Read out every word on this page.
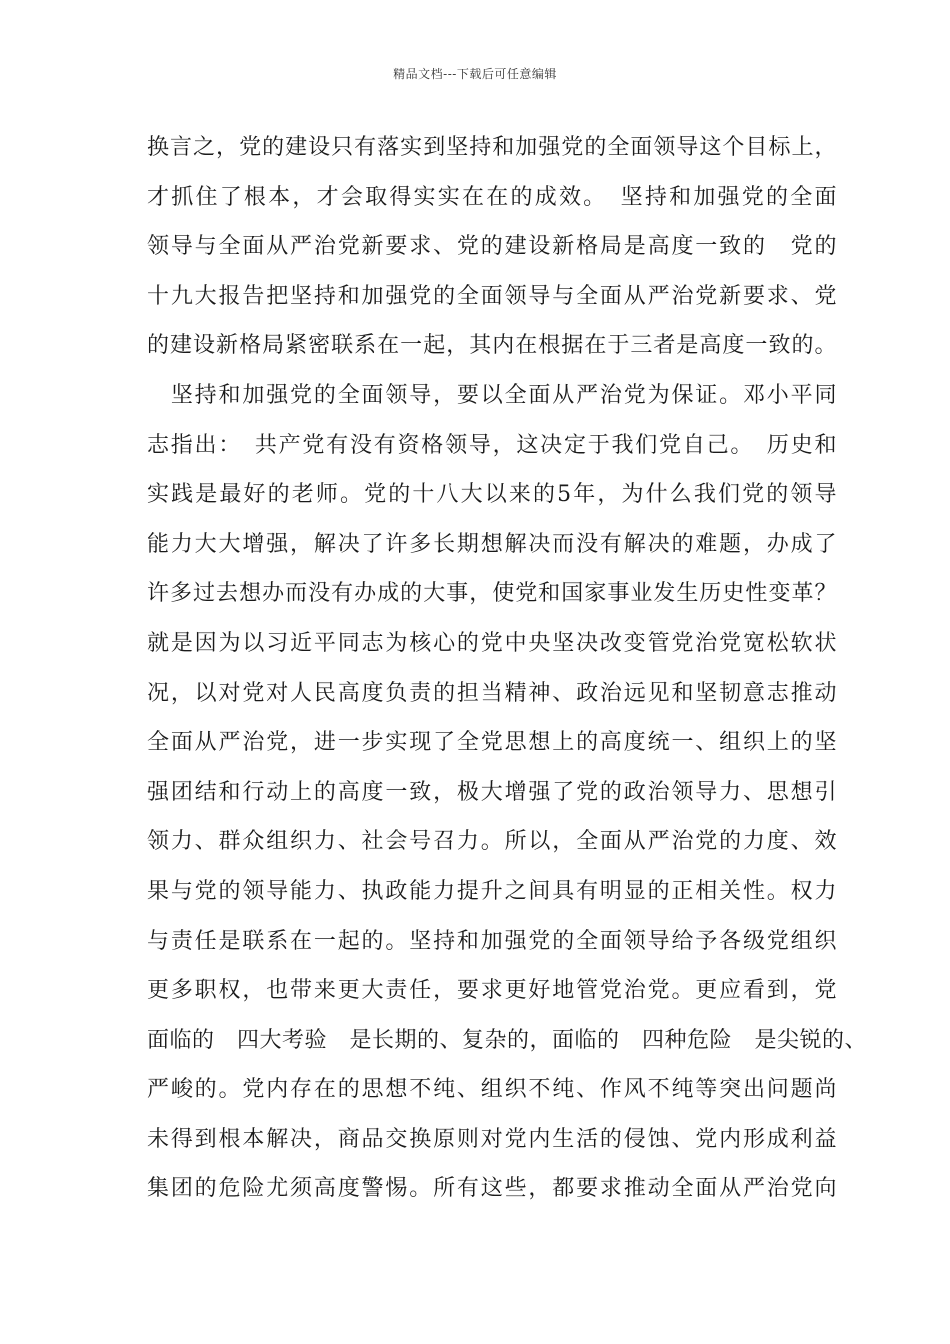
精品文档---下载后可任意编辑
换言之，党的建设只有落实到坚持和加强党的全面领导这个目标上，
才抓住了根本，才会取得实实在在的成效。　坚持和加强党的全面
领导与全面从严治党新要求、党的建设新格局是高度一致的　党的
十九大报告把坚持和加强党的全面领导与全面从严治党新要求、党
的建设新格局紧密联系在一起，其内在根据在于三者是高度一致的。
　坚持和加强党的全面领导，要以全面从严治党为保证。邓小平同
志指出：　共产党有没有资格领导，这决定于我们党自己。　历史和
实践是最好的老师。党的十八大以来的5年，为什么我们党的领导
能力大大增强，解决了许多长期想解决而没有解决的难题，办成了
许多过去想办而没有办成的大事，使党和国家事业发生历史性变革？
就是因为以习近平同志为核心的党中央坚决改变管党治党宽松软状
况，以对党对人民高度负责的担当精神、政治远见和坚韧意志推动
全面从严治党，进一步实现了全党思想上的高度统一、组织上的坚
强团结和行动上的高度一致，极大增强了党的政治领导力、思想引
领力、群众组织力、社会号召力。所以，全面从严治党的力度、效
果与党的领导能力、执政能力提升之间具有明显的正相关性。权力
与责任是联系在一起的。坚持和加强党的全面领导给予各级党组织
更多职权，也带来更大责任，要求更好地管党治党。更应看到，党
面临的　四大考验　是长期的、复杂的，面临的　四种危险　是尖锐的、
严峻的。党内存在的思想不纯、组织不纯、作风不纯等突出问题尚
未得到根本解决，商品交换原则对党内生活的侵蚀、党内形成利益
集团的危险尤须高度警惕。所有这些，都要求推动全面从严治党向
